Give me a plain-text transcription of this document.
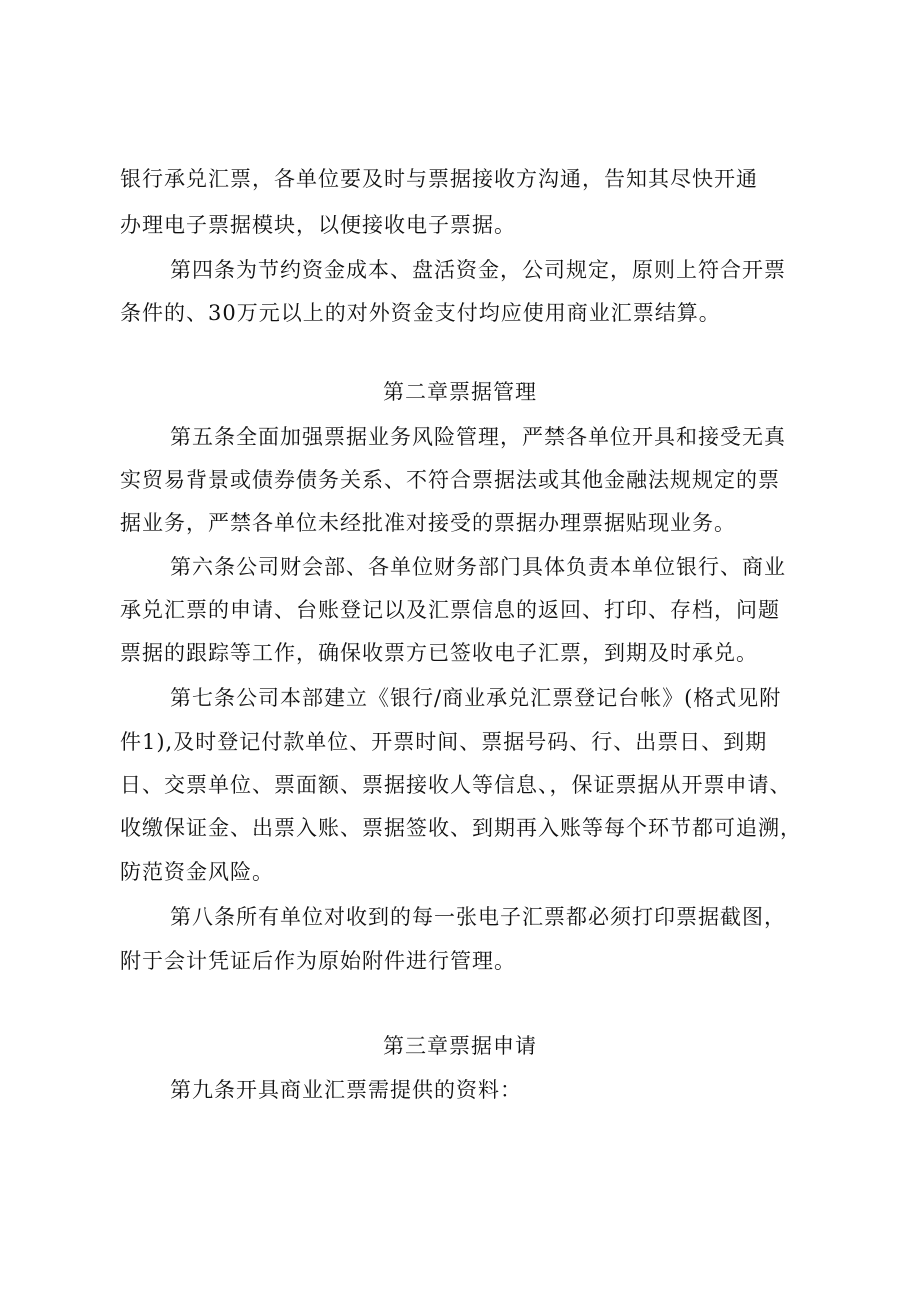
银行承兑汇票，各单位要及时与票据接收方沟通，告知其尽快开通
办理电子票据模块，以便接收电子票据。
第四条为节约资金成本、盘活资金，公司规定，原则上符合开票
条件的、30万元以上的对外资金支付均应使用商业汇票结算。
第二章票据管理
第五条全面加强票据业务风险管理，严禁各单位开具和接受无真
实贸易背景或债券债务关系、不符合票据法或其他金融法规规定的票
据业务，严禁各单位未经批准对接受的票据办理票据贴现业务。
第六条公司财会部、各单位财务部门具体负责本单位银行、商业
承兑汇票的申请、台账登记以及汇票信息的返回、打印、存档，问题
票据的跟踪等工作，确保收票方已签收电子汇票，到期及时承兑。
第七条公司本部建立《银行/商业承兑汇票登记台帐》(格式见附
件1),及时登记付款单位、开票时间、票据号码、行、出票日、到期
日、交票单位、票面额、票据接收人等信息、，保证票据从开票申请、
收缴保证金、出票入账、票据签收、到期再入账等每个环节都可追溯，
防范资金风险。
第八条所有单位对收到的每一张电子汇票都必须打印票据截图，
附于会计凭证后作为原始附件进行管理。
第三章票据申请
第九条开具商业汇票需提供的资料：
